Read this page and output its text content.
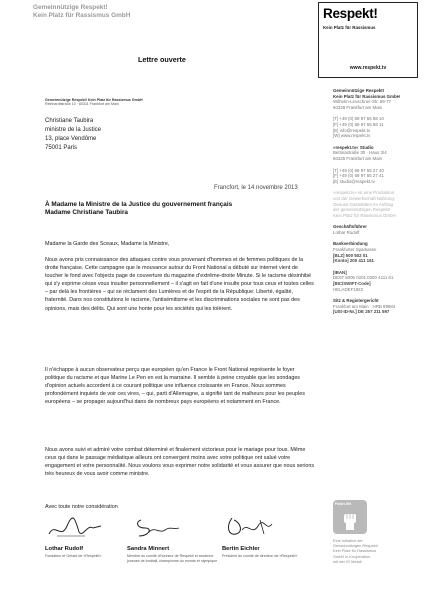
Gemeinnützige Respekt!
Kein Platz für Rassismus GmbH
Lettre ouverte
Respekt!
Kein Platz für Rassismus
www.respekt.tv
Gemeinnützige Respekt! Kein Platz für Rassismus GmbH
Reinhardtstraße 10 · 60311 Frankfurt am Main
Christiane Taubira
ministre de la Justice
13, place Vendôme
75001 Paris
Gemeinnützige Respekt!
Kein Platz für Rassismus GmbH
Wilhelm-Leuschner-Str. 69-77
60329 Frankfurt am Main
[T] +49 (0) 69 97 55 88 10
[F] +49 (0) 69 97 55 88 11
[E] info@respekt.tv
[W] www.respekt.tv
»respekt.tv« Studio
Bettinastraße 30 · Haus 3/4
60325 Frankfurt am Main
[T] +49 (0) 69 97 55 27 40
[F] +49 (0) 69 97 55 27 41
[E] studio@respekt.tv
»respekt.tv« ist eine Produktion
von der Gewerkschaft Nahrung-
Genuss-Gaststätten im Auftrag
der gemeinnützigen Respekt!
Kein Platz für Rassismus GmbH
Geschäftsführer
Lothar Rudolf
Bankverbindung
Frankfurter Sparkasse
[BLZ] 500 502 01
[Konto] 200 411 161
[IBAN]
DE97 5005 0201 0200 4111 61
[BIC/SWIFT-Code]
HELADEF1822
Sitz & Registergericht
Frankfurt am Main · HRB 89884
[USt-ID-Nr.] DE 257 211 597
Francfort, le 14 novembre 2013
À Madame la Ministre de la Justice du gouvernement français
Madame Christiane Taubira

Madame la Garde des Sceaux, Madame la Ministre,

Nous avons pris connaissance des attaques contre vous provenant d'hommes et de femmes politiques de la droite française. Cette campagne que le mouvance autour du Front National a débuté sur internet vient de toucher le fond avec l'objects page de couverture du magazine d'extrême-droite Minute. Si le racisme désinhibé qui s'y exprime cèsse vous insulter personnellement – il s'agit en fait d'une insulte pour tous ceux et toutes celles – par delà les frontières – qui se réclament des Lumières et de l'esprit de la République: Liberté, égalité, fraternité. Dans nos constitutions le racisme, l'antisémitisme et les discriminations sociales ne sont pas des opinions, mais des délits. Qui sont une honte pour les sociétés qui les tolèrent.

Il n'échappe à aucun observateur perçu que européen qu'en France le Front National représente le foyer politique du racisme et que Marine Le Pen en est la marraine. Il semble à peine croyable que les sondages d'opinion actuels accordent à ce courant politique une influence croissante en France. Nous sommes profondément inquiets de voir ces vires, – qui, parti d'Allemagne, a signifié tant de malheurs pour les peuples européens – se propager aujourd'hui dans de nombreux pays européens et notamment en France.

Nous avons suivi et admiré votre combat déterminé et finalement victorieux pour le mariage pour tous. Même ceux qui dans le passage médiatique ailleurs ont convergent moins avec votre politique ont salué votre engagement et votre personnalité. Nous voulons vous exprimer notre solidarité et vous assurer que nous serions très heureux de vous avoir comme ministre.

Avec toute notre considération

Lothar Rudolf
Fondateur et Gérant de «Respekt!»
Sandra Minnert
Membre du comité d'honneur de Respekt! et ancienne
joueuse de football, championne du monde et olympique
Bertin Eichler
Président du comité de direction de «Respekt!»
Förder-Mit
Eine Initiative der
Gemeinnützigen Respekt!
Kein Platz für Rassismus
GmbH in Kooperation
mit der IG Metall
